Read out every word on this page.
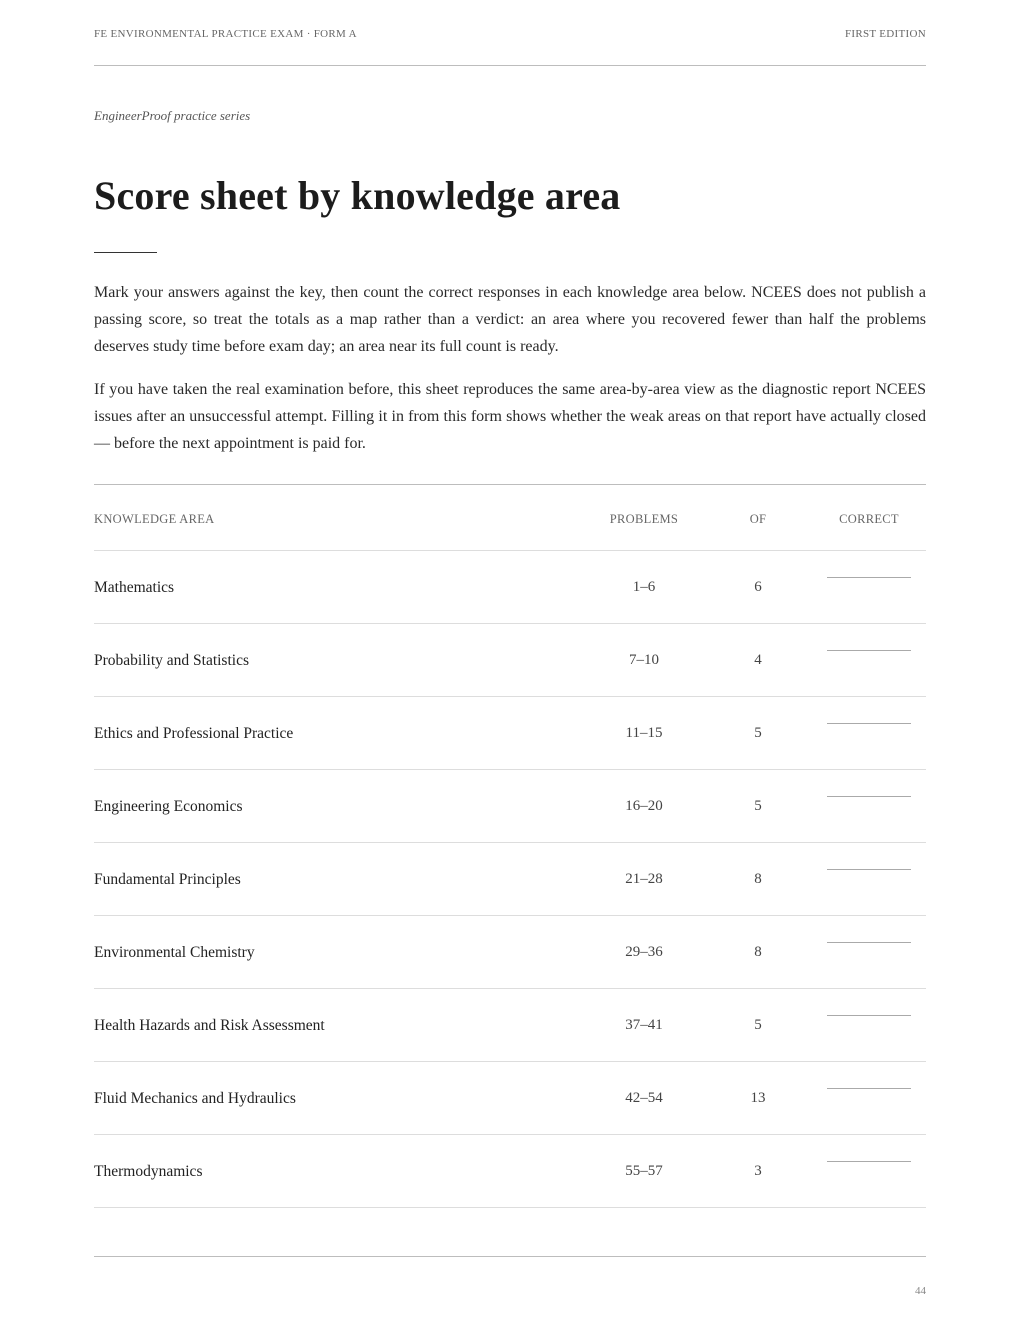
FE ENVIRONMENTAL PRACTICE EXAM · FORM A	FIRST EDITION
EngineerProof practice series
Score sheet by knowledge area

Mark your answers against the key, then count the correct responses in each knowledge area below. NCEES does not publish a passing score, so treat the totals as a map rather than a verdict: an area where you recovered fewer than half the problems deserves study time before exam day; an area near its full count is ready.

If you have taken the real examination before, this sheet reproduces the same area-by-area view as the diagnostic report NCEES issues after an unsuccessful attempt. Filling it in from this form shows whether the weak areas on that report have actually closed — before the next appointment is paid for.

KNOWLEDGE AREA	PROBLEMS	OF	CORRECT
Mathematics	1–6	6
Probability and Statistics	7–10	4
Ethics and Professional Practice	11–15	5
Engineering Economics	16–20	5
Fundamental Principles	21–28	8
Environmental Chemistry	29–36	8
Health Hazards and Risk Assessment	37–41	5
Fluid Mechanics and Hydraulics	42–54	13
Thermodynamics	55–57	3
44
